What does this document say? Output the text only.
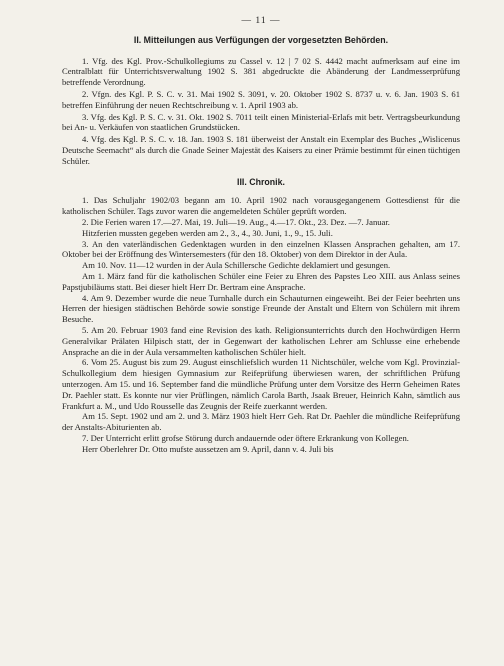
— 11 —
II. Mitteilungen aus Verfügungen der vorgesetzten Behörden.

1. Vfg. des Kgl. Prov.-Schulkollegiums zu Cassel v. 12 | 7 02 S. 4442 macht aufmerksam auf eine im Centralblatt für Unterrichtsverwaltung 1902 S. 381 abgedruckte die Abänderung der Landmesserprüfung betreffende Verordnung.

2. Vfgn. des Kgl. P. S. C. v. 31. Mai 1902 S. 3091, v. 20. Oktober 1902 S. 8737 u. v. 6. Jan. 1903 S. 61 betreffen Einführung der neuen Rechtschreibung v. 1. April 1903 ab.

3. Vfg. des Kgl. P. S. C. v. 31. Okt. 1902 S. 7011 teilt einen Ministerial-Erlafs mit betr. Vertragsbeurkundung bei An- u. Verkäufen von staatlichen Grundstücken.

4. Vfg. des Kgl. P. S. C. v. 18. Jan. 1903 S. 181 überweist der Anstalt ein Exemplar des Buches „Wislicenus Deutsche Seemacht“ als durch die Gnade Seiner Majestät des Kaisers zu einer Prämie bestimmt für einen tüchtigen Schüler.

III. Chronik.

1. Das Schuljahr 1902/03 begann am 10. April 1902 nach vorausgegangenem Gottesdienst für die katholischen Schüler. Tags zuvor waren die angemeldeten Schüler geprüft worden.

2. Die Ferien waren 17.—27. Mai, 19. Juli—19. Aug., 4.—17. Okt., 23. Dez. —7. Januar.

Hitzferien mussten gegeben werden am 2., 3., 4., 30. Juni, 1., 9., 15. Juli.

3. An den vaterländischen Gedenktagen wurden in den einzelnen Klassen Ansprachen gehalten, am 17. Oktober bei der Eröffnung des Wintersemesters (für den 18. Oktober) von dem Direktor in der Aula.

Am 10. Nov. 11—12 wurden in der Aula Schillersche Gedichte deklamiert und gesungen.

Am 1. März fand für die katholischen Schüler eine Feier zu Ehren des Papstes Leo XIII. aus Anlass seines Papstjubiläums statt. Bei dieser hielt Herr Dr. Bertram eine Ansprache.

4. Am 9. Dezember wurde die neue Turnhalle durch ein Schauturnen eingeweiht. Bei der Feier beehrten uns Herren der hiesigen städtischen Behörde sowie sonstige Freunde der Anstalt und Eltern von Schülern mit ihrem Besuche.

5. Am 20. Februar 1903 fand eine Revision des kath. Religionsunterrichts durch den Hochwürdigen Herrn Generalvikar Prälaten Hilpisch statt, der in Gegenwart der katholischen Lehrer am Schlusse eine erhebende Ansprache an die in der Aula versammelten katholischen Schüler hielt.

6. Vom 25. August bis zum 29. August einschliefslich wurden 11 Nichtschüler, welche vom Kgl. Provinzial-Schulkollegium dem hiesigen Gymnasium zur Reifeprüfung überwiesen waren, der schriftlichen Prüfung unterzogen. Am 15. und 16. September fand die mündliche Prüfung unter dem Vorsitze des Herrn Geheimen Rates Dr. Paehler statt. Es konnte nur vier Prüflingen, nämlich Carola Barth, Jsaak Breuer, Heinrich Kahn, sämtlich aus Frankfurt a. M., und Udo Rousselle das Zeugnis der Reife zuerkannt werden.

Am 15. Sept. 1902 und am 2. und 3. März 1903 hielt Herr Geh. Rat Dr. Paehler die mündliche Reifeprüfung der Anstalts-Abiturienten ab.

7. Der Unterricht erlitt grofse Störung durch andauernde oder öftere Erkrankung von Kollegen.

Herr Oberlehrer Dr. Otto mufste aussetzen am 9. April, dann v. 4. Juli bis
